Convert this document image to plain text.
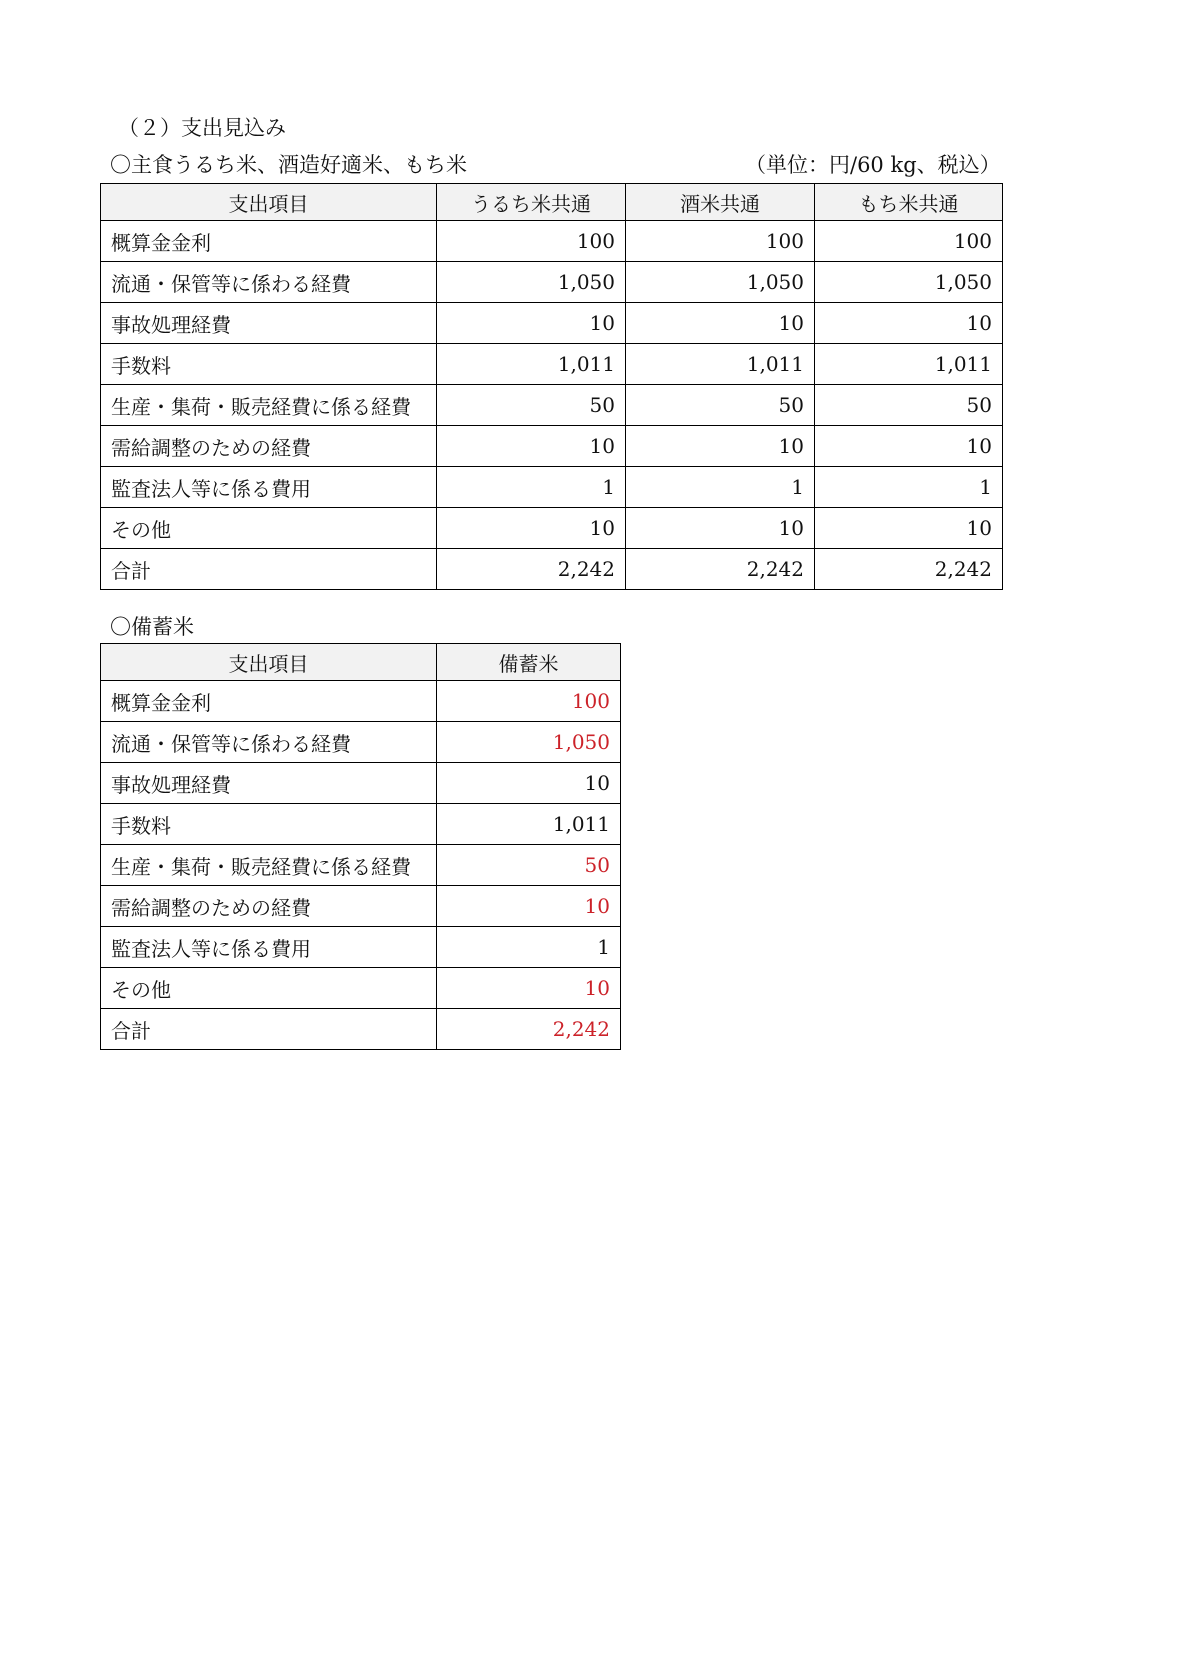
（２）支出見込み
〇主食うるち米、酒造好適米、もち米	（単位：円/60 kg、税込）
支出項目	うるち米共通	酒米共通	もち米共通
概算金金利	100	100	100
流通・保管等に係わる経費	1,050	1,050	1,050
事故処理経費	10	10	10
手数料	1,011	1,011	1,011
生産・集荷・販売経費に係る経費	50	50	50
需給調整のための経費	10	10	10
監査法人等に係る費用	1	1	1
その他	10	10	10
合計	2,242	2,242	2,242
〇備蓄米
支出項目	備蓄米
概算金金利	100
流通・保管等に係わる経費	1,050
事故処理経費	10
手数料	1,011
生産・集荷・販売経費に係る経費	50
需給調整のための経費	10
監査法人等に係る費用	1
その他	10
合計	2,242
